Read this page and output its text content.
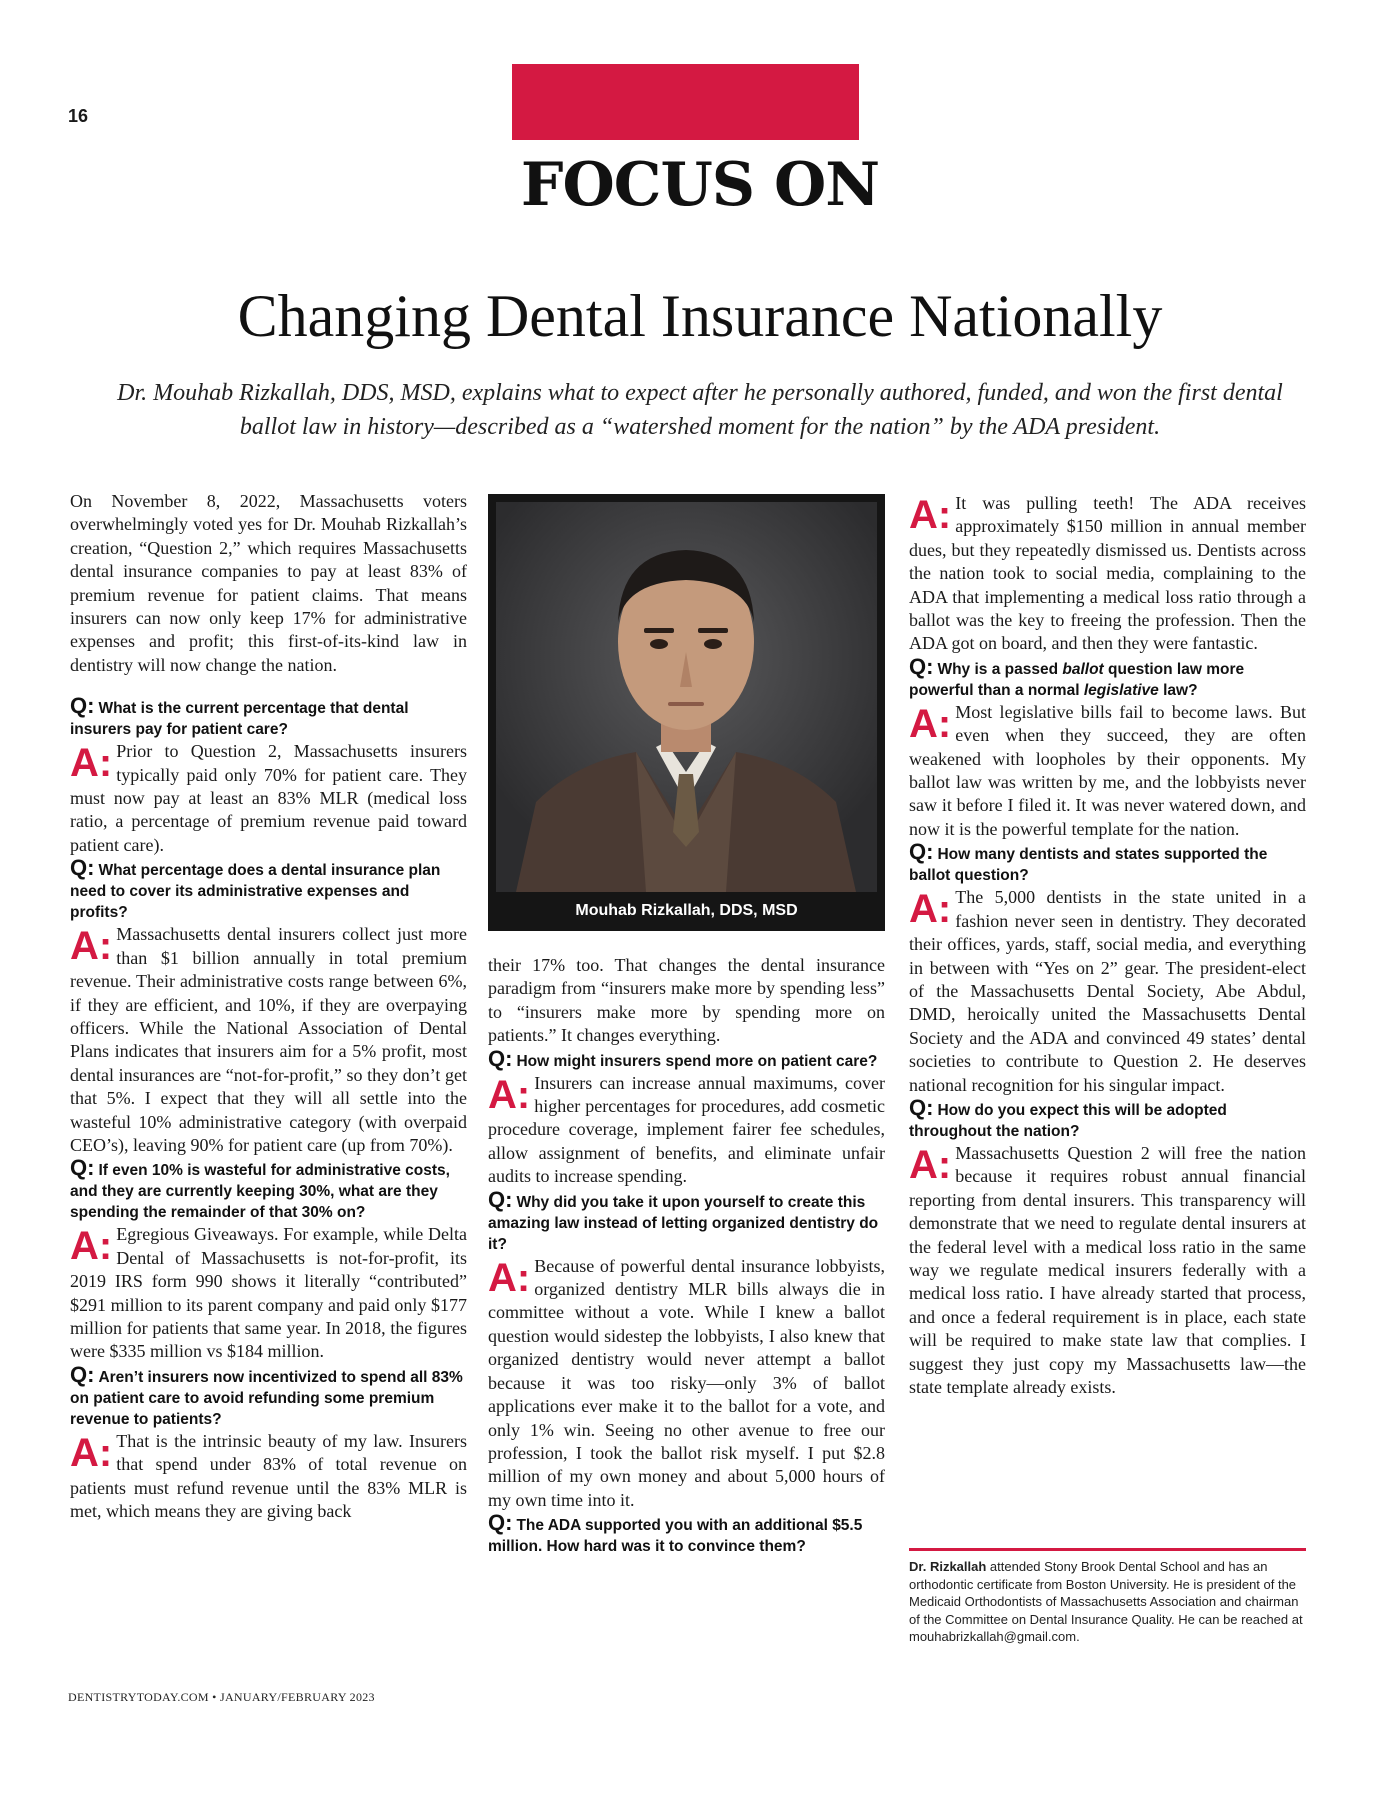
16
FOCUS ON
Changing Dental Insurance Nationally
Dr. Mouhab Rizkallah, DDS, MSD, explains what to expect after he personally authored, funded, and won the first dental ballot law in history—described as a “watershed moment for the nation” by the ADA president.

On November 8, 2022, Massachusetts voters overwhelmingly voted yes for Dr. Mouhab Rizkallah’s creation, “Question 2,” which requires Massachusetts dental insurance companies to pay at least 83% of premium revenue for patient claims. That means insurers can now only keep 17% for administrative expenses and profit; this first-of-its-kind law in dentistry will now change the nation.

Q: What is the current percentage that dental insurers pay for patient care?

A: Prior to Question 2, Massachusetts insurers typically paid only 70% for patient care. They must now pay at least an 83% MLR (medical loss ratio, a percentage of premium revenue paid toward patient care).

Q: What percentage does a dental insurance plan need to cover its administrative expenses and profits?

A: Massachusetts dental insurers collect just more than $1 billion annually in total premium revenue. Their administrative costs range between 6%, if they are efficient, and 10%, if they are overpaying officers. While the National Association of Dental Plans indicates that insurers aim for a 5% profit, most dental insurances are “not-for-profit,” so they don’t get that 5%. I expect that they will all settle into the wasteful 10% administrative category (with overpaid CEO’s), leaving 90% for patient care (up from 70%).

Q: If even 10% is wasteful for administrative costs, and they are currently keeping 30%, what are they spending the remainder of that 30% on?

A: Egregious Giveaways. For example, while Delta Dental of Massachusetts is not-for-profit, its 2019 IRS form 990 shows it literally “contributed” $291 million to its parent company and paid only $177 million for patients that same year. In 2018, the figures were $335 million vs $184 million.

Q: Aren’t insurers now incentivized to spend all 83% on patient care to avoid refunding some premium revenue to patients?

A: That is the intrinsic beauty of my law. Insurers that spend under 83% of total revenue on patients must refund revenue until the 83% MLR is met, which means they are giving back

Mouhab Rizkallah, DDS, MSD

their 17% too. That changes the dental insurance paradigm from “insurers make more by spending less” to “insurers make more by spending more on patients.” It changes everything.

Q: How might insurers spend more on patient care?

A: Insurers can increase annual maximums, cover higher percentages for procedures, add cosmetic procedure coverage, implement fairer fee schedules, allow assignment of benefits, and eliminate unfair audits to increase spending.

Q: Why did you take it upon yourself to create this amazing law instead of letting organized dentistry do it?

A: Because of powerful dental insurance lobbyists, organized dentistry MLR bills always die in committee without a vote. While I knew a ballot question would sidestep the lobbyists, I also knew that organized dentistry would never attempt a ballot because it was too risky—only 3% of ballot applications ever make it to the ballot for a vote, and only 1% win. Seeing no other avenue to free our profession, I took the ballot risk myself. I put $2.8 million of my own money and about 5,000 hours of my own time into it.

Q: The ADA supported you with an additional $5.5 million. How hard was it to convince them?

A: It was pulling teeth! The ADA receives approximately $150 million in annual member dues, but they repeatedly dismissed us. Dentists across the nation took to social media, complaining to the ADA that implementing a medical loss ratio through a ballot was the key to freeing the profession. Then the ADA got on board, and then they were fantastic.

Q: Why is a passed ballot question law more powerful than a normal legislative law?

A: Most legislative bills fail to become laws. But even when they succeed, they are often weakened with loopholes by their opponents. My ballot law was written by me, and the lobbyists never saw it before I filed it. It was never watered down, and now it is the powerful template for the nation.

Q: How many dentists and states supported the ballot question?

A: The 5,000 dentists in the state united in a fashion never seen in dentistry. They decorated their offices, yards, staff, social media, and everything in between with “Yes on 2” gear. The president-elect of the Massachusetts Dental Society, Abe Abdul, DMD, heroically united the Massachusetts Dental Society and the ADA and convinced 49 states’ dental societies to contribute to Question 2. He deserves national recognition for his singular impact.

Q: How do you expect this will be adopted throughout the nation?

A: Massachusetts Question 2 will free the nation because it requires robust annual financial reporting from dental insurers. This transparency will demonstrate that we need to regulate dental insurers at the federal level with a medical loss ratio in the same way we regulate medical insurers federally with a medical loss ratio. I have already started that process, and once a federal requirement is in place, each state will be required to make state law that complies. I suggest they just copy my Massachusetts law—the state template already exists.

Dr. Rizkallah attended Stony Brook Dental School and has an orthodontic certificate from Boston University. He is president of the Medicaid Orthodontists of Massachusetts Association and chairman of the Committee on Dental Insurance Quality. He can be reached at mouhabrizkallah@gmail.com.
DENTISTRYTODAY.COM • JANUARY/FEBRUARY 2023
